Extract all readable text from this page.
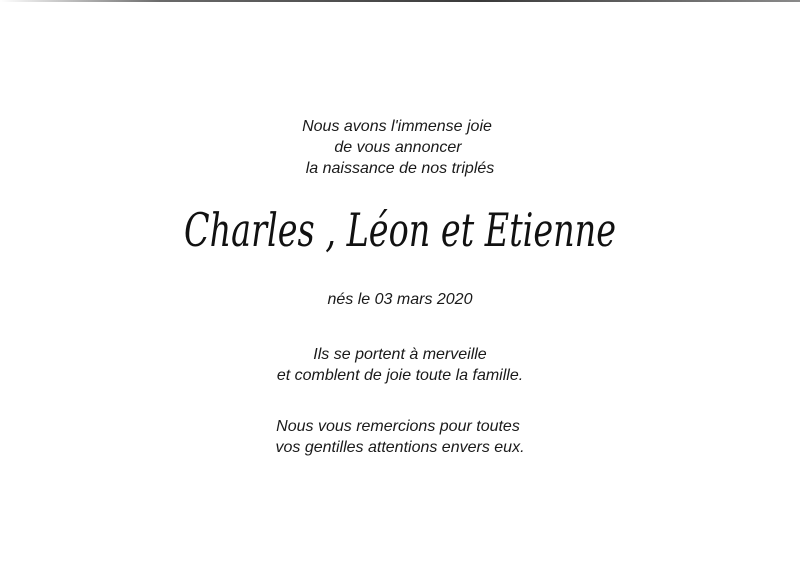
Nous avons l'immense joie
de vous annoncer
la naissance de nos triplés
Charles , Léon et Etienne
nés le 03 mars 2020
Ils se portent à merveille
et comblent de joie toute la famille.
Nous vous remercions pour toutes
vos gentilles attentions envers eux.
